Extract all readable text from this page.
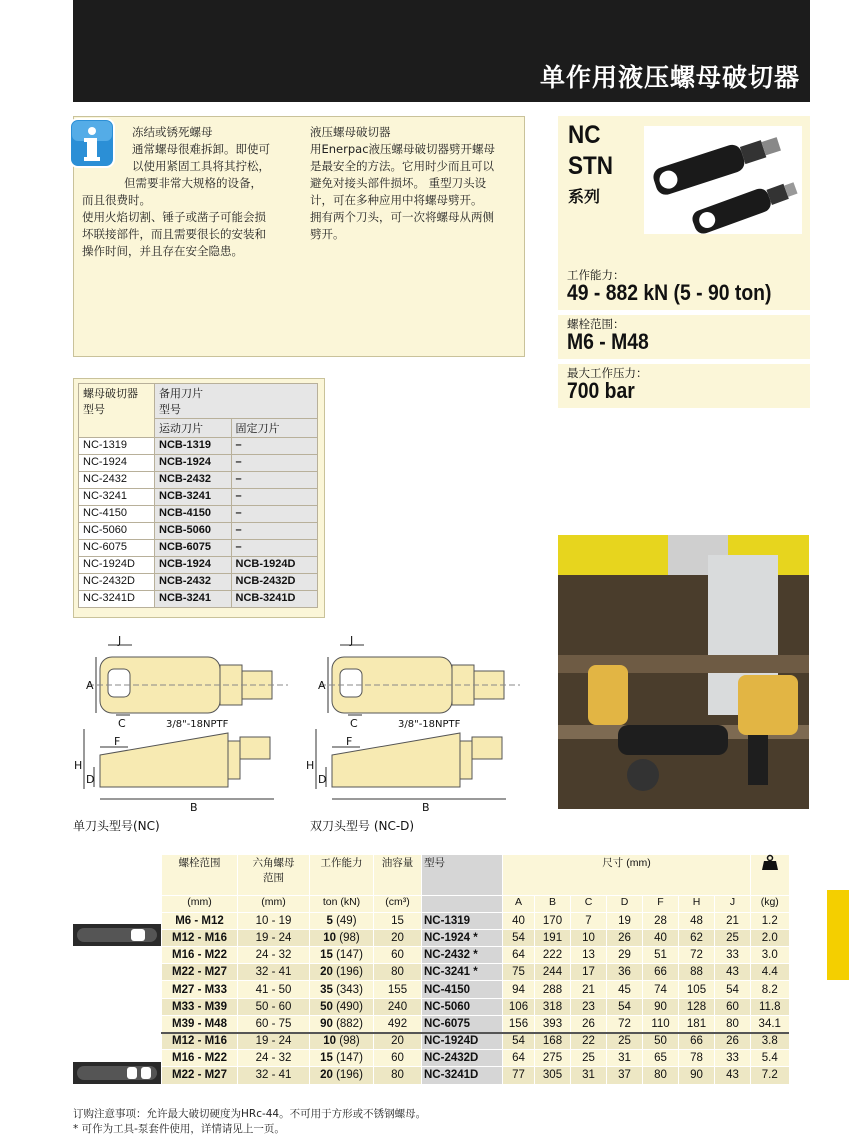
单作用液压螺母破切器
冻结或锈死螺母
通常螺母很难拆卸。即使可
以使用紧固工具将其拧松，
但需要非常大规格的设备，
而且很费时。
使用火焰切割、锤子或凿子可能会损
坏联接部件，而且需要很长的安装和
操作时间，并且存在安全隐患。
液压螺母破切器
用Enerpac液压螺母破切器劈开螺母
是最安全的方法。它用时少而且可以
避免对接头部件损坏。 重型刀头设
计，可在多种应用中将螺母劈开。
拥有两个刀头，可一次将螺母从两侧
劈开。
NC
STN
系列
工作能力：
49 - 882 kN (5 - 90 ton)
螺栓范围：
M6 - M48
最大工作压力：
700 bar
螺母破切器
型号	备用刀片
型号	
	运动刀片	固定刀片
NC-1319	NCB-1319	–
NC-1924	NCB-1924	–
NC-2432	NCB-2432	–
NC-3241	NCB-3241	–
NC-4150	NCB-4150	–
NC-5060	NCB-5060	–
NC-6075	NCB-6075	–
NC-1924D	NCB-1924	NCB-1924D
NC-2432D	NCB-2432	NCB-2432D
NC-3241D	NCB-3241	NCB-3241D
J
A
C	3/8"-18NPTF
F
H
D
B
J
A
C	3/8"-18NPTF
F
H
D
B
单刀头型号(NC)	双刀头型号 (NC-D)
螺栓范围	六角螺母
范围	工作能力	油容量	型号	尺寸 (mm)	
(mm)	(mm)	ton (kN)	(cm³)		A	B	C	D	F	H	J	(kg)
M6 - M12	10 - 19	5 (49)	15	NC-1319	40	170	7	19	28	48	21	1.2
M12 - M16	19 - 24	10 (98)	20	NC-1924 *	54	191	10	26	40	62	25	2.0
M16 - M22	24 - 32	15 (147)	60	NC-2432 *	64	222	13	29	51	72	33	3.0
M22 - M27	32 - 41	20 (196)	80	NC-3241 *	75	244	17	36	66	88	43	4.4
M27 - M33	41 - 50	35 (343)	155	NC-4150	94	288	21	45	74	105	54	8.2
M33 - M39	50 - 60	50 (490)	240	NC-5060	106	318	23	54	90	128	60	11.8
M39 - M48	60 - 75	90 (882)	492	NC-6075	156	393	26	72	110	181	80	34.1
M12 - M16	19 - 24	10 (98)	20	NC-1924D	54	168	22	25	50	66	26	3.8
M16 - M22	24 - 32	15 (147)	60	NC-2432D	64	275	25	31	65	78	33	5.4
M22 - M27	32 - 41	20 (196)	80	NC-3241D	77	305	31	37	80	90	43	7.2
订购注意事项：允许最大破切硬度为HRc-44。不可用于方形或不锈钢螺母。
* 可作为工具-泵套件使用，详情请见上一页。
